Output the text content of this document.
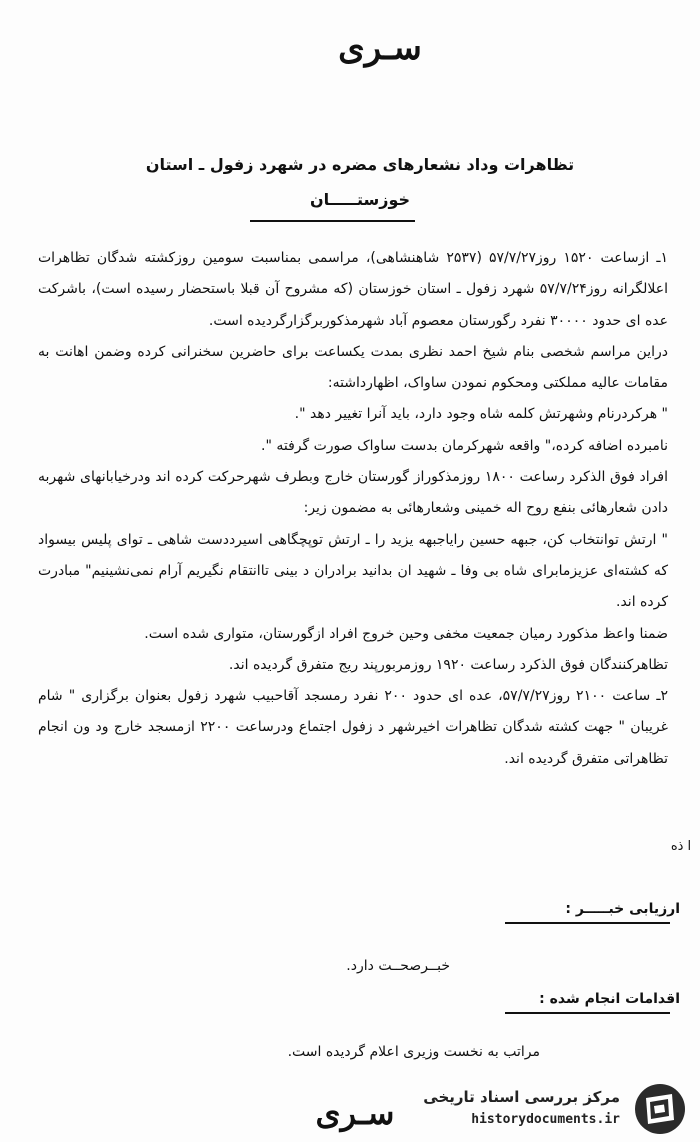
سـری
تظاهرات وداد نشعارهای مضره در شهرد زفول ـ استان
خوزستـــــان

۱ـ ازساعت ۱۵۲۰ روز۵۷/۷/۲۷ (۲۵۳۷ شاهنشاهی)، مراسمی بمناسبت سومین روزکشته شدگان تظاهرات اعلالگرانه روز۵۷/۷/۲۴ شهرد زفول ـ استان خوزستان (که مشروح آن قبلا باستحضار رسیده است)، باشرکت عده ای حدود ۳۰۰۰۰ نفرد رگورستان معصوم آباد شهرمذکوربرگزارگردیده است.

دراین مراسم شخصی بنام شیخ احمد نظری بمدت یکساعت برای حاضرین سخنرانی کرده وضمن اهانت به مقامات عالیه مملکتی ومحکوم نمودن ساواک، اظهارداشته:

" هرکردرنام وشهرتش کلمه شاه وجود دارد، باید آنرا تغییر دهد ".

نامبرده اضافه کرده،" واقعه شهرکرمان بدست ساواک صورت گرفته ".

افراد فوق الذکرد رساعت ۱۸۰۰ روزمذکوراز گورستان خارج وبطرف شهرحرکت کرده اند ودرخیابانهای شهربه دادن شعارهائی بنفع روح اله خمینی وشعارهائی به مضمون زیر:

" ارتش توانتخاب کن، جبهه حسین رایاجبهه یزید را ـ ارتش توپچگاهی اسیرددست شاهی ـ توای پلیس بیسواد که کشته‌ای عزیزمابرای شاه بی وفا ـ شهید ان بدانید برادران د بینی تاانتقام نگیریم آرام نمی‌نشینیم" مبادرت کرده اند.

ضمنا واعظ مذکورد رمیان جمعیت مخفی وحین خروج افراد ازگورستان، متواری شده است.

تظاهرکنندگان فوق الذکرد رساعت ۱۹۲۰ روزمربورپند ریج متفرق گردیده اند.

۲ـ ساعت ۲۱۰۰ روز۵۷/۷/۲۷، عده ای حدود ۲۰۰ نفرد رمسجد آقاحبیب شهرد زفول بعنوان برگزاری " شام غریبان " جهت کشته شدگان تظاهرات اخیرشهر د زفول اجتماع ودرساعت ۲۲۰۰ ازمسجد خارج ود ون انجام تظاهراتی متفرق گردیده اند.

ا ذه
ارزیابی خبـــــر :
خبــرصحــت دارد.
اقدامات انجام شده :
مراتب به نخست وزیری اعلام گردیده است.
سـری	مرکز بررسی اسناد تاریخی
historydocuments.ir
